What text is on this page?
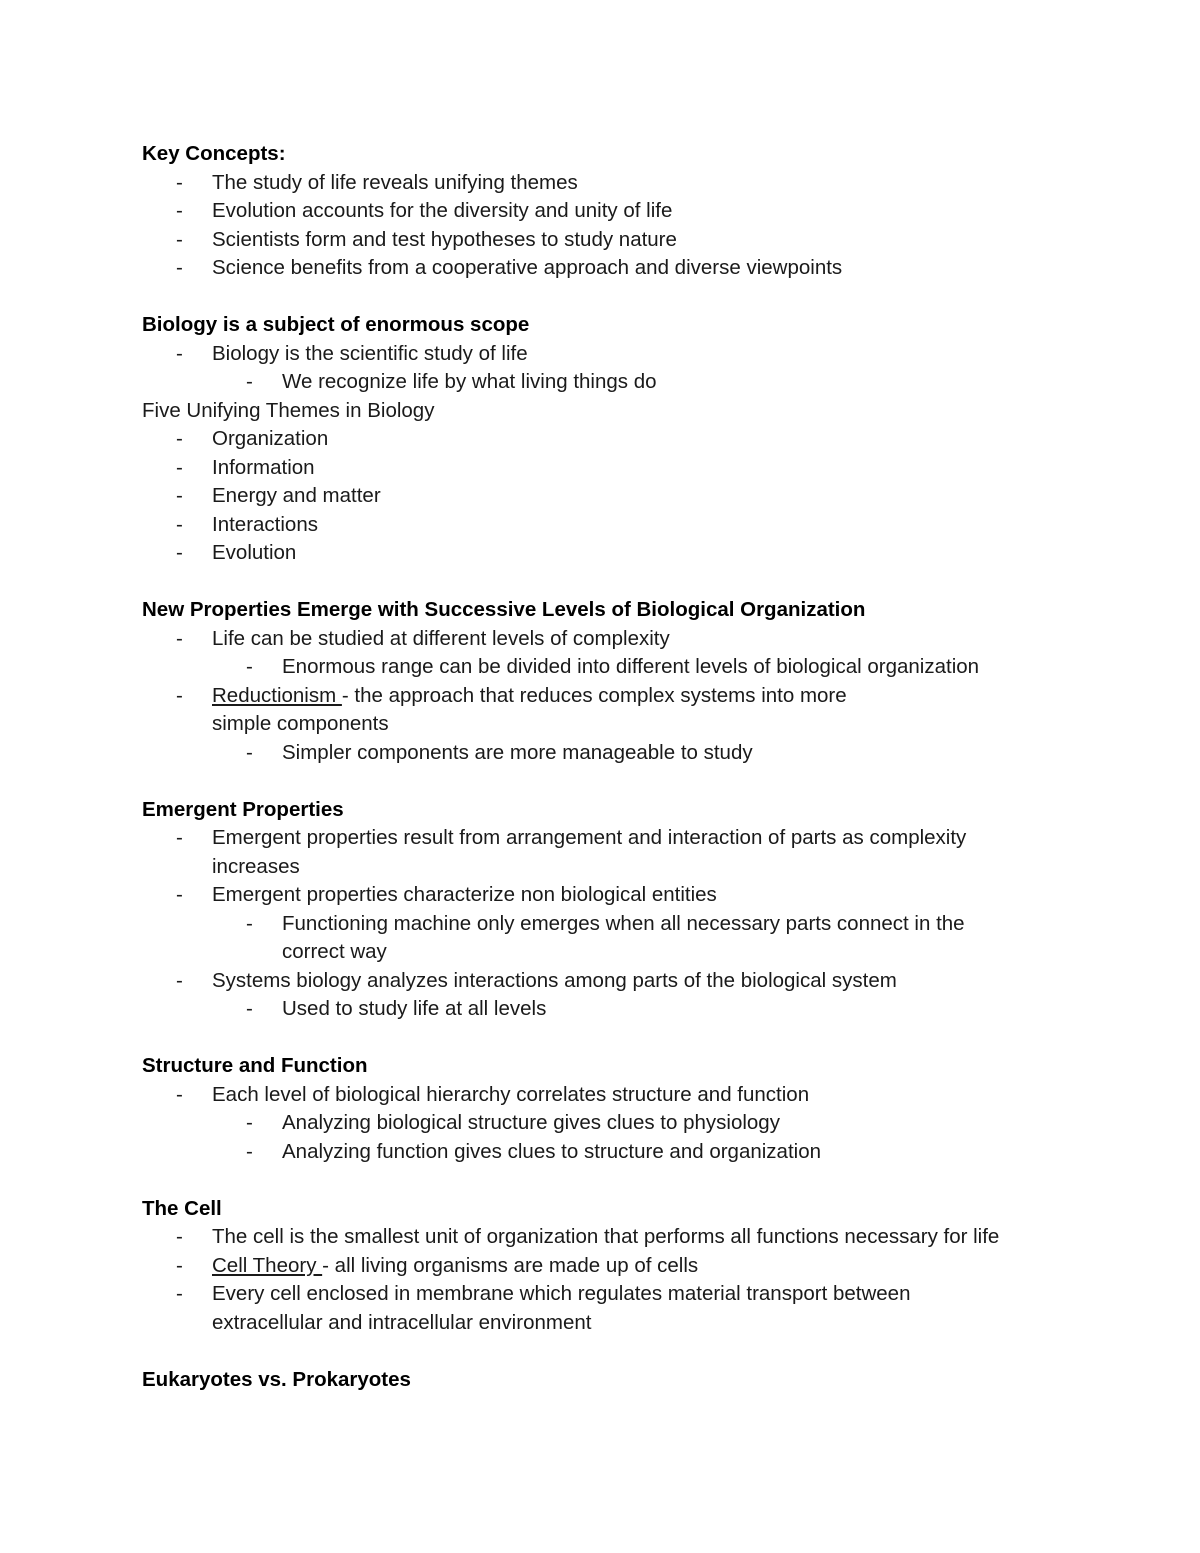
Key Concepts:
- The study of life reveals unifying themes
- Evolution accounts for the diversity and unity of life
- Scientists form and test hypotheses to study nature
- Science benefits from a cooperative approach and diverse viewpoints
Biology is a subject of enormous scope
- Biology is the scientific study of life
- We recognize life by what living things do
Five Unifying Themes in Biology
- Organization
- Information
- Energy and matter
- Interactions
- Evolution
New Properties Emerge with Successive Levels of Biological Organization
- Life can be studied at different levels of complexity
- Enormous range can be divided into different levels of biological organization
- Reductionism - the approach that reduces complex systems into more simple components
- Simpler components are more manageable to study
Emergent Properties
- Emergent properties result from arrangement and interaction of parts as complexity increases
- Emergent properties characterize non biological entities
- Functioning machine only emerges when all necessary parts connect in the correct way
- Systems biology analyzes interactions among parts of the biological system
- Used to study life at all levels
Structure and Function
- Each level of biological hierarchy correlates structure and function
- Analyzing biological structure gives clues to physiology
- Analyzing function gives clues to structure and organization
The Cell
- The cell is the smallest unit of organization that performs all functions necessary for life
- Cell Theory - all living organisms are made up of cells
- Every cell enclosed in membrane which regulates material transport between extracellular and intracellular environment
Eukaryotes vs. Prokaryotes
